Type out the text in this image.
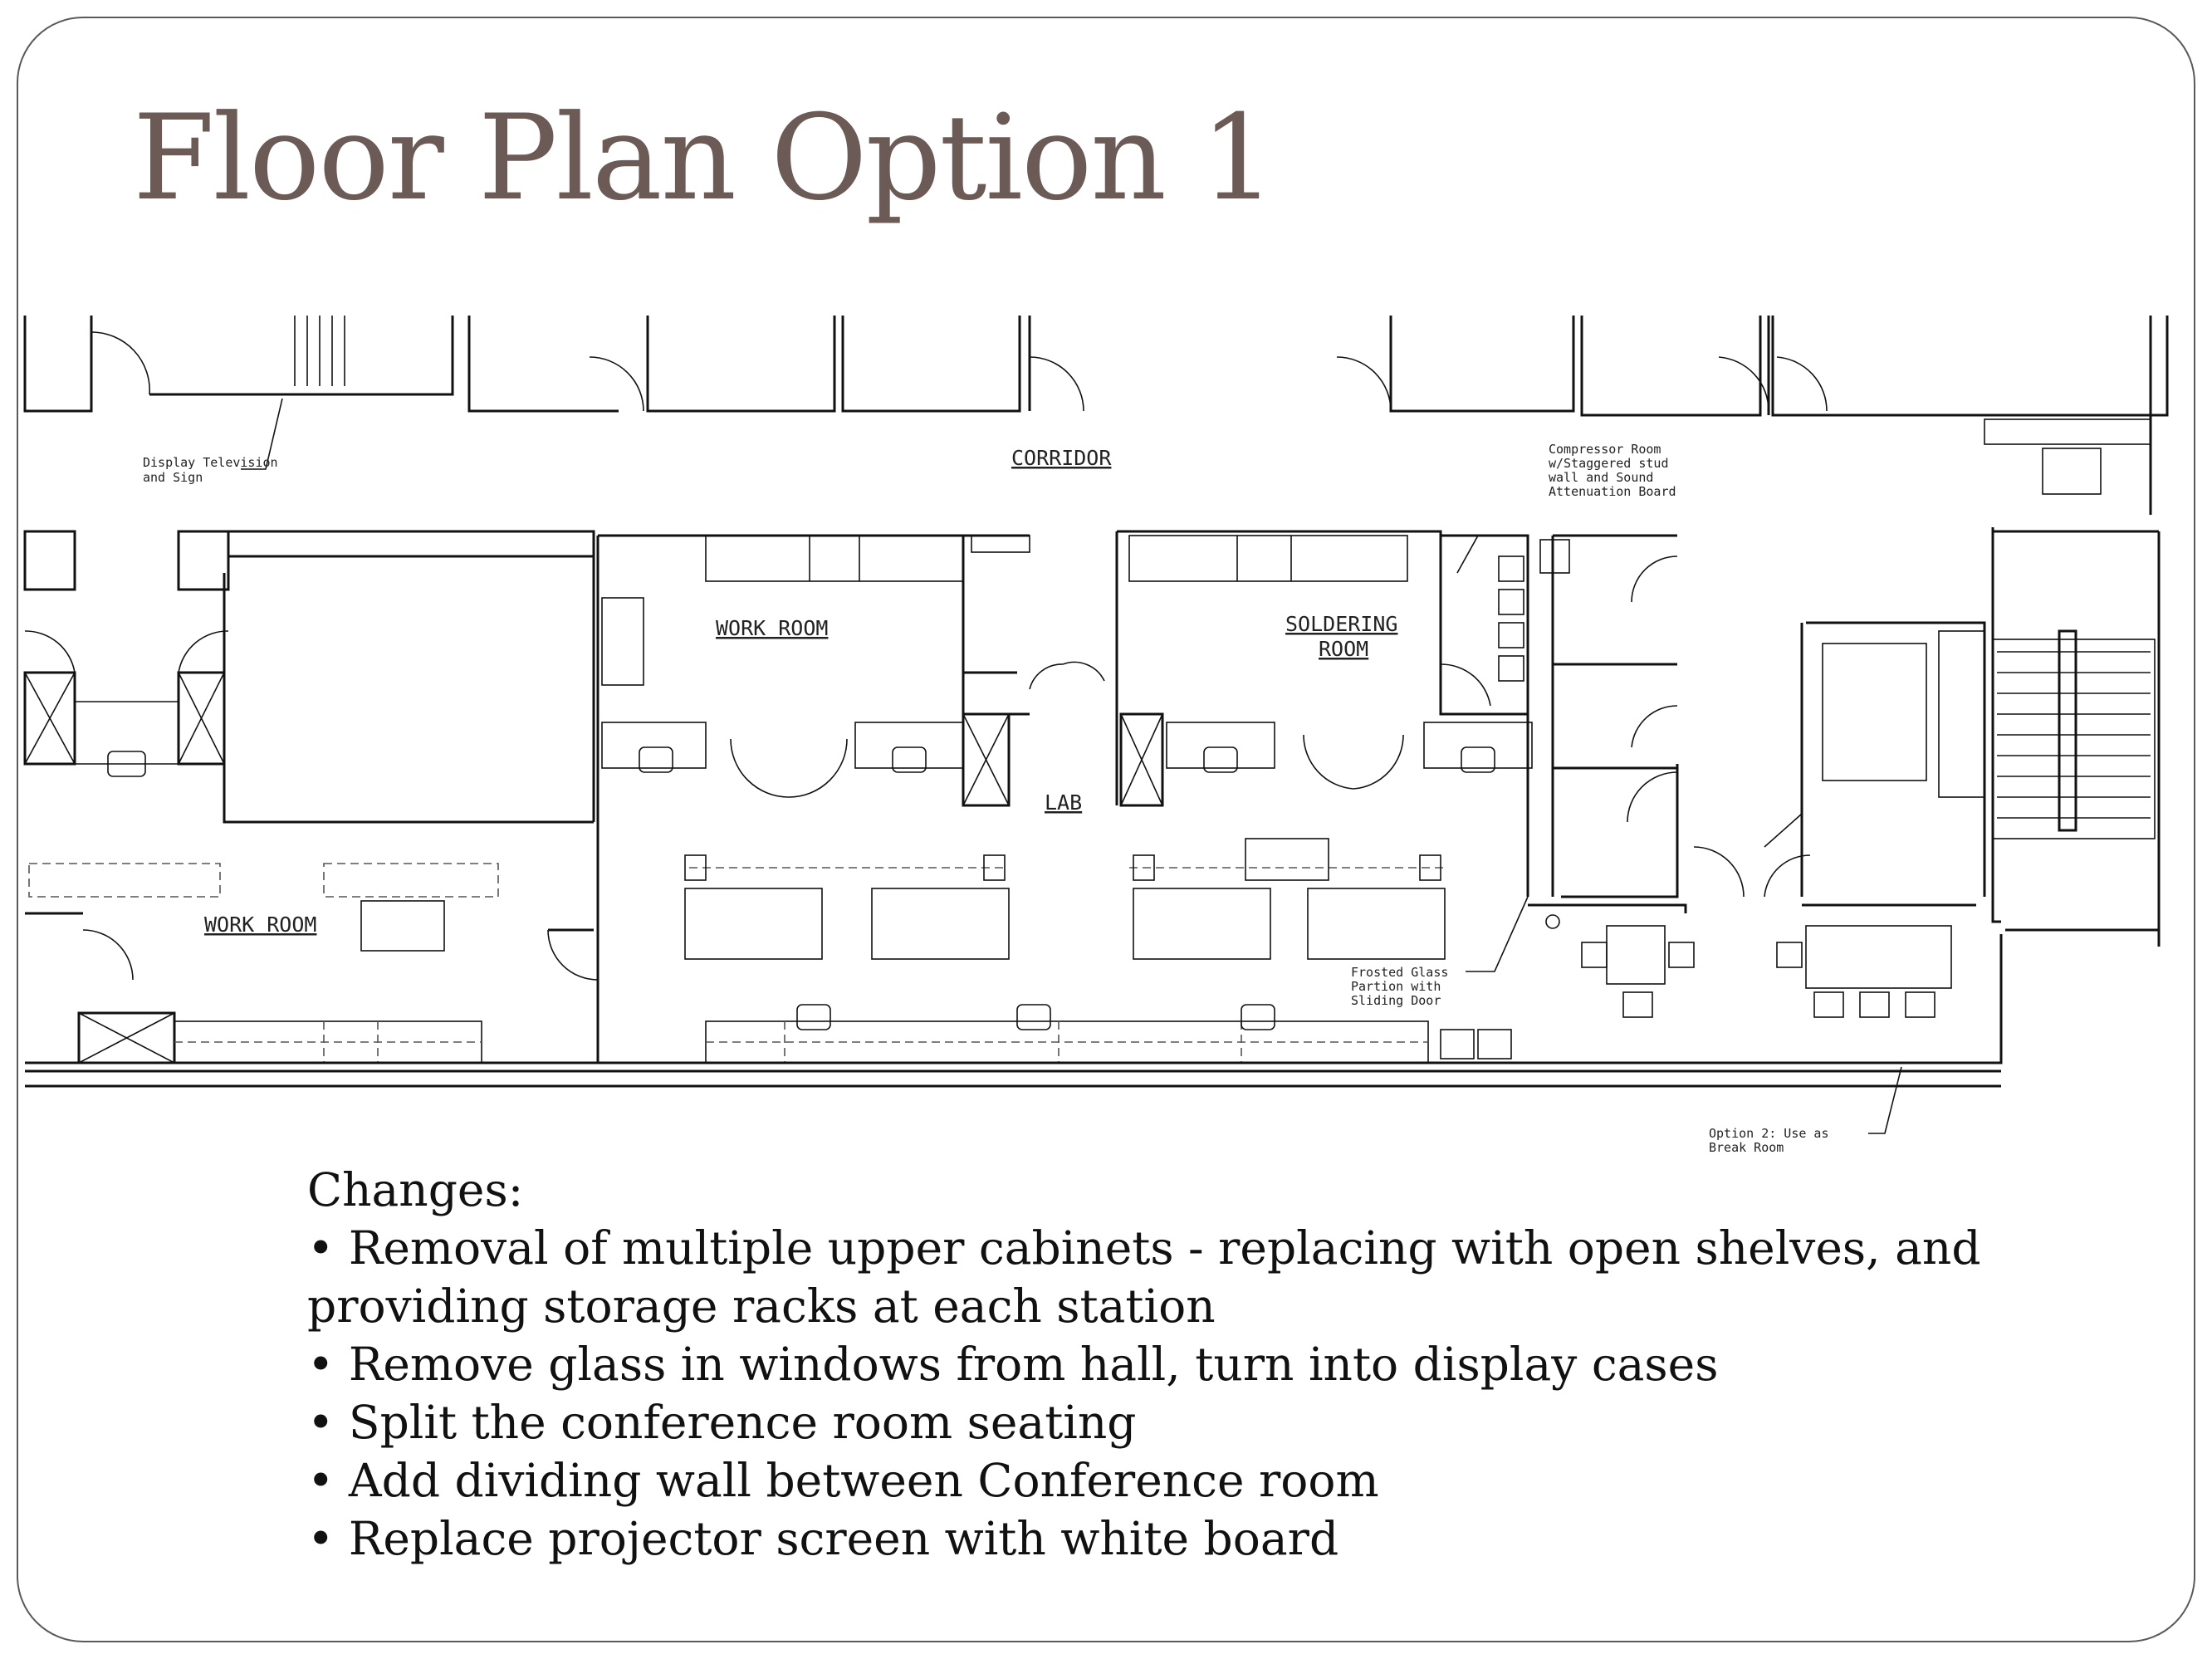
Floor Plan Option 1
CORRIDOR
WORK ROOM	SOLDERING
ROOM
LAB
WORK ROOM
Display Television
and Sign
Compressor Room
w/Staggered stud
wall and Sound
Attenuation Board
Frosted Glass
Partion with
Sliding Door
Option 2: Use as
Break Room
Changes:
• Removal of multiple upper cabinets - replacing with open shelves, and
providing storage racks at each station
• Remove glass in windows from hall, turn into display cases
• Split the conference room seating
• Add dividing wall between Conference room
• Replace projector screen with white board
